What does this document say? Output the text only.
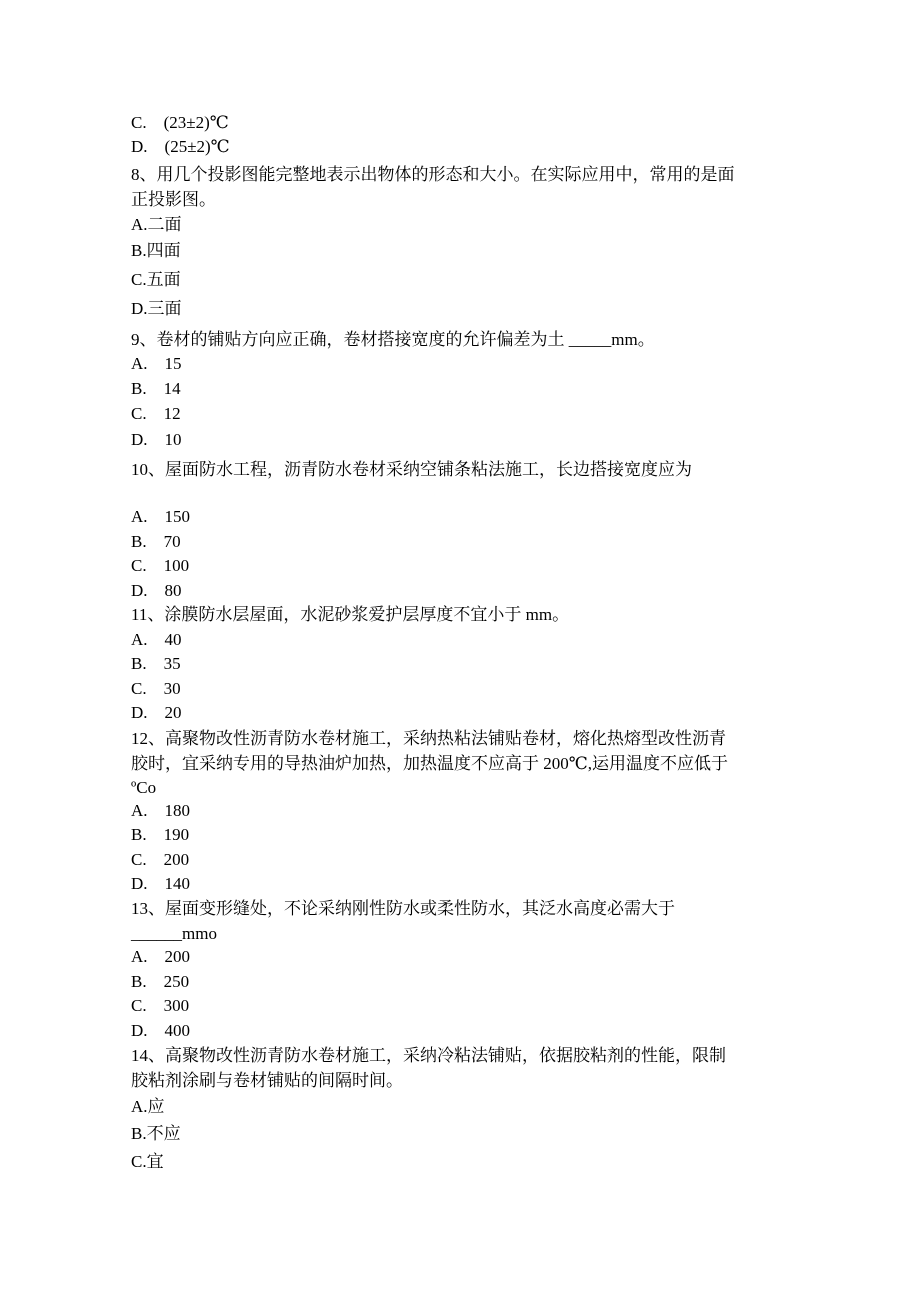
C.    (23±2)℃
D.    (25±2)℃
8、用几个投影图能完整地表示出物体的形态和大小。在实际应用中，常用的是面
正投影图。
A.二面
B.四面
C.五面
D.三面
9、卷材的铺贴方向应正确，卷材搭接宽度的允许偏差为土 _____mm。
A.    15
B.    14
C.    12
D.    10
10、屋面防水工程，沥青防水卷材采纳空铺条粘法施工，长边搭接宽度应为
A.    150
B.    70
C.    100
D.    80
11、涂膜防水层屋面，水泥砂浆爱护层厚度不宜小于 mm。
A.    40
B.    35
C.    30
D.    20
12、高聚物改性沥青防水卷材施工，采纳热粘法铺贴卷材，熔化热熔型改性沥青
胶时，宜采纳专用的导热油炉加热，加热温度不应高于 200℃,运用温度不应低于
ºCo
A.    180
B.    190
C.    200
D.    140
13、屋面变形缝处，不论采纳刚性防水或柔性防水，其泛水高度必需大于
______mmo
A.    200
B.    250
C.    300
D.    400
14、高聚物改性沥青防水卷材施工，采纳冷粘法铺贴，依据胶粘剂的性能，限制
胶粘剂涂刷与卷材铺贴的间隔时间。
A.应
B.不应
C.宜
